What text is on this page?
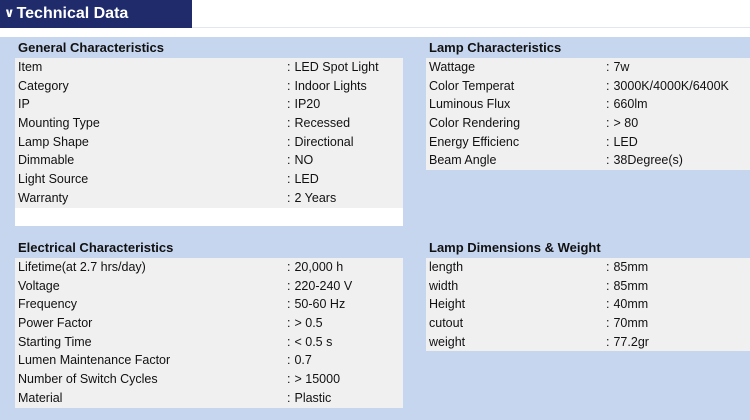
∨ Technical Data
General Characteristics
Item	: LED Spot Light
Category	: Indoor Lights
IP	: IP20
Mounting Type	: Recessed
Lamp Shape	: Directional
Dimmable	: NO
Light Source	: LED
Warranty	: 2 Years
Lamp Characteristics
Wattage	: 7w
Color Temperat	: 3000K/4000K/6400K
Luminous Flux	: 660lm
Color Rendering	: > 80
Energy Efficienc	: LED
Beam Angle	: 38Degree(s)
Electrical Characteristics
Lifetime(at 2.7 hrs/day)	: 20,000 h
Voltage	: 220-240 V
Frequency	: 50-60 Hz
Power Factor	: > 0.5
Starting Time	: < 0.5 s
Lumen Maintenance Factor	: 0.7
Number of Switch Cycles	: > 15000
Material	: Plastic
Lamp Dimensions & Weight
length	: 85mm
width	: 85mm
Height	: 40mm
cutout	: 70mm
weight	: 77.2gr
